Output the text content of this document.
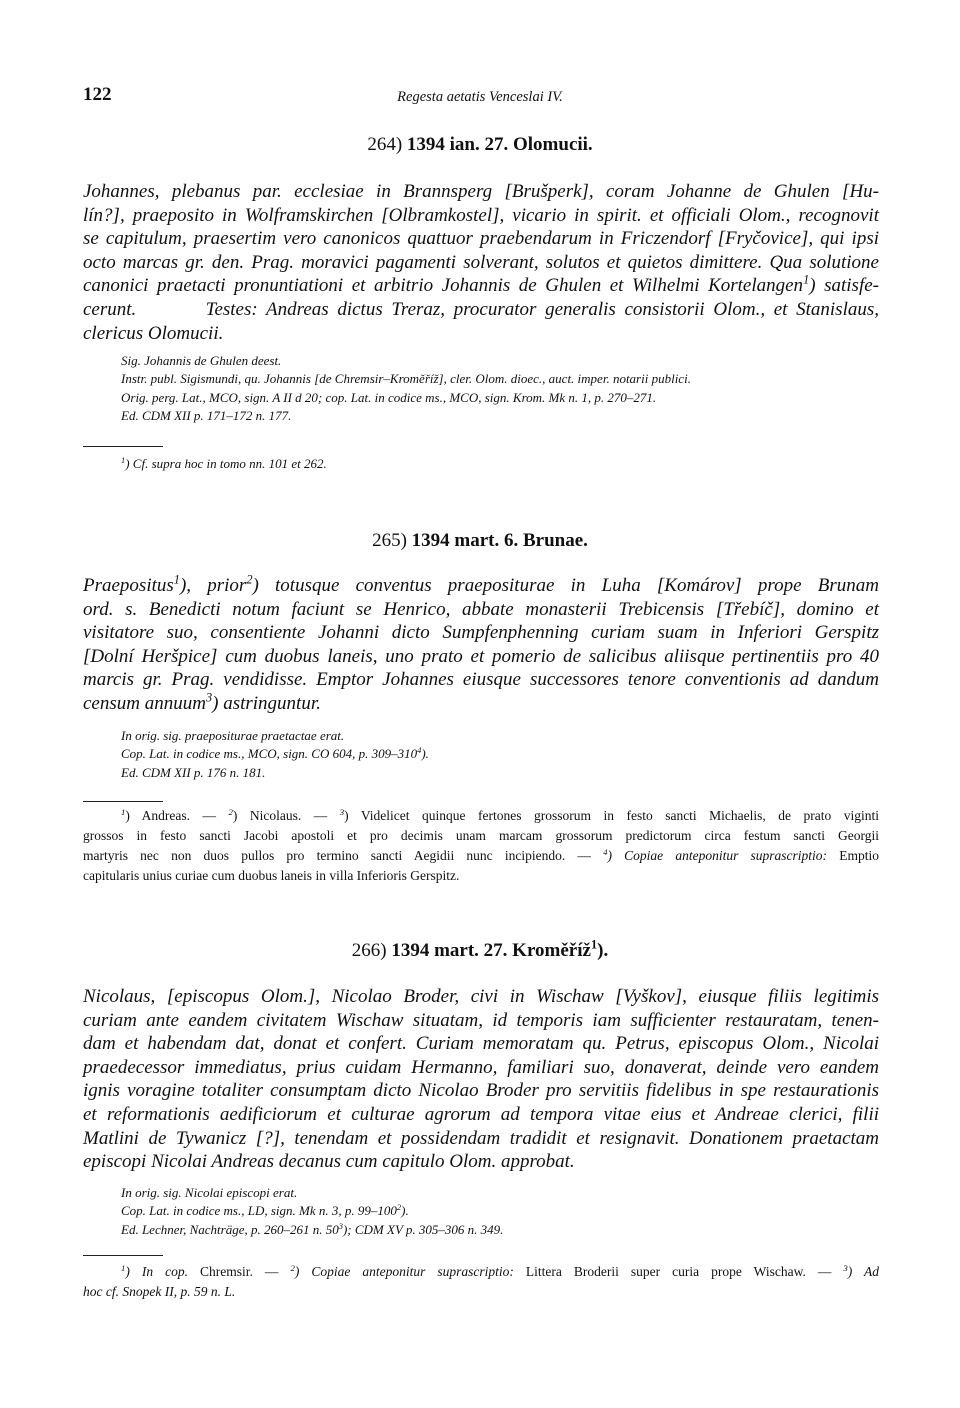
122	Regesta aetatis Venceslai IV.
264) 1394 ian. 27. Olomucii.
Johannes, plebanus par. ecclesiae in Brannsperg [Brušperk], coram Johanne de Ghulen [Hu-
lín?], praeposito in Wolframskirchen [Olbramkostel], vicario in spirit. et officiali Olom., recognovit
se capitulum, praesertim vero canonicos quattuor praebendarum in Friczendorf [Fryčovice], qui ipsi
octo marcas gr. den. Prag. moravici pagamenti solverant, solutos et quietos dimittere. Qua solutione
canonici praetacti pronuntiationi et arbitrio Johannis de Ghulen et Wilhelmi Kortelangen$^1$) satisfe-
cerunt.        Testes: Andreas dictus Treraz, procurator generalis consistorii Olom., et Stanislaus,
clericus Olomucii.
Sig. Johannis de Ghulen deest.
Instr. publ. Sigismundi, qu. Johannis [de Chremsir–Kroměříž], cler. Olom. dioec., auct. imper. notarii publici.
Orig. perg. Lat., MCO, sign. A II d 20; cop. Lat. in codice ms., MCO, sign. Krom. Mk n. 1, p. 270–271.
Ed. CDM XII p. 171–172 n. 177.
$^1$) Cf. supra hoc in tomo nn. 101 et 262.
265) 1394 mart. 6. Brunae.
Praepositus$^1$), prior$^2$) totusque conventus praepositurae in Luha [Komárov] prope Brunam
ord. s. Benedicti notum faciunt se Henrico, abbate monasterii Trebicensis [Třebíč], domino et
visitatore suo, consentiente Johanni dicto Sumpfenphenning curiam suam in Inferiori Gerspitz
[Dolní Heršpice] cum duobus laneis, uno prato et pomerio de salicibus aliisque pertinentiis pro 40
marcis gr. Prag. vendidisse. Emptor Johannes eiusque successores tenore conventionis ad dandum
censum annuum$^3$) astringuntur.
In orig. sig. praepositurae praetactae erat.
Cop. Lat. in codice ms., MCO, sign. CO 604, p. $309-310^4$).
Ed. CDM XII p. 176 n. 181.
$^1$) Andreas. — $^2$) Nicolaus. — $^3$) Videlicet quinque fertones grossorum in festo sancti Michaelis, de prato viginti
grossos in festo sancti Jacobi apostoli et pro decimis unam marcam grossorum predictorum circa festum sancti Georgii
martyris nec non duos pullos pro termino sancti Aegidii nunc incipiendo. — $^4$) Copiae anteponitur suprascriptio: Emptio
capitularis unius curiae cum duobus laneis in villa Inferioris Gerspitz.
266) 1394 mart. 27. Kroměříž$^1$).
Nicolaus, [episcopus Olom.], Nicolao Broder, civi in Wischaw [Vyškov], eiusque filiis legitimis
curiam ante eandem civitatem Wischaw situatam, id temporis iam sufficienter restauratam, tenen-
dam et habendam dat, donat et confert. Curiam memoratam qu. Petrus, episcopus Olom., Nicolai
praedecessor immediatus, prius cuidam Hermanno, familiari suo, donaverat, deinde vero eandem
ignis voragine totaliter consumptam dicto Nicolao Broder pro servitiis fidelibus in spe restaurationis
et reformationis aedificiorum et culturae agrorum ad tempora vitae eius et Andreae clerici, filii
Matlini de Tywanicz [?], tenendam et possidendam tradidit et resignavit. Donationem praetactam
episcopi Nicolai Andreas decanus cum capitulo Olom. approbat.
In orig. sig. Nicolai episcopi erat.
Cop. Lat. in codice ms., LD, sign. Mk n. 3, p. $99-100^2$).
Ed. Lechner, Nachträge, p. 260–261 n. $50^3$); CDM XV p. 305–306 n. 349.
$^1$) In cop. Chremsir. — $^2$) Copiae anteponitur suprascriptio: Littera Broderii super curia prope Wischaw. — $^3$) Ad
hoc cf. Snopek II, p. 59 n. L.
